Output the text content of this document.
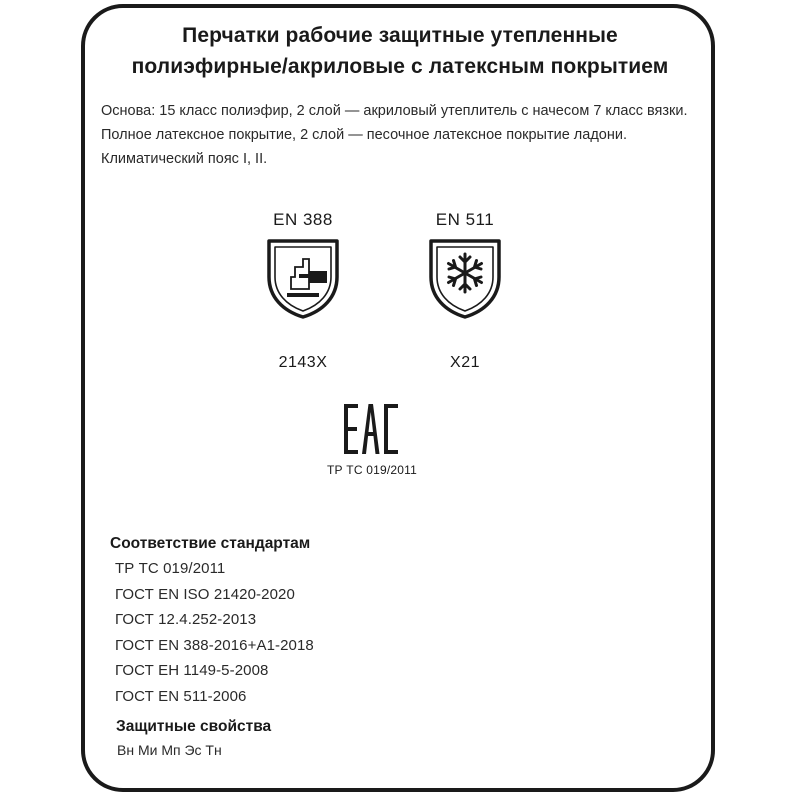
Перчатки рабочие защитные утепленные
полиэфирные/акриловые с латексным покрытием
Основа: 15 класс полиэфир, 2 слой — акриловый утеплитель с начесом 7 класс вязки. Полное латексное покрытие, 2 слой — песочное латексное покрытие ладони. Климатический пояс I, II.
EN 388
2143X
EN 511
X21
ТР ТС 019/2011
Соответствие стандартам
ТР ТС 019/2011
ГОСТ EN ISO 21420-2020
ГОСТ 12.4.252-2013
ГОСТ EN 388-2016+A1-2018
ГОСТ ЕН 1149-5-2008
ГОСТ EN 511-2006
Защитные свойства
Вн Ми Мп Эс Тн
